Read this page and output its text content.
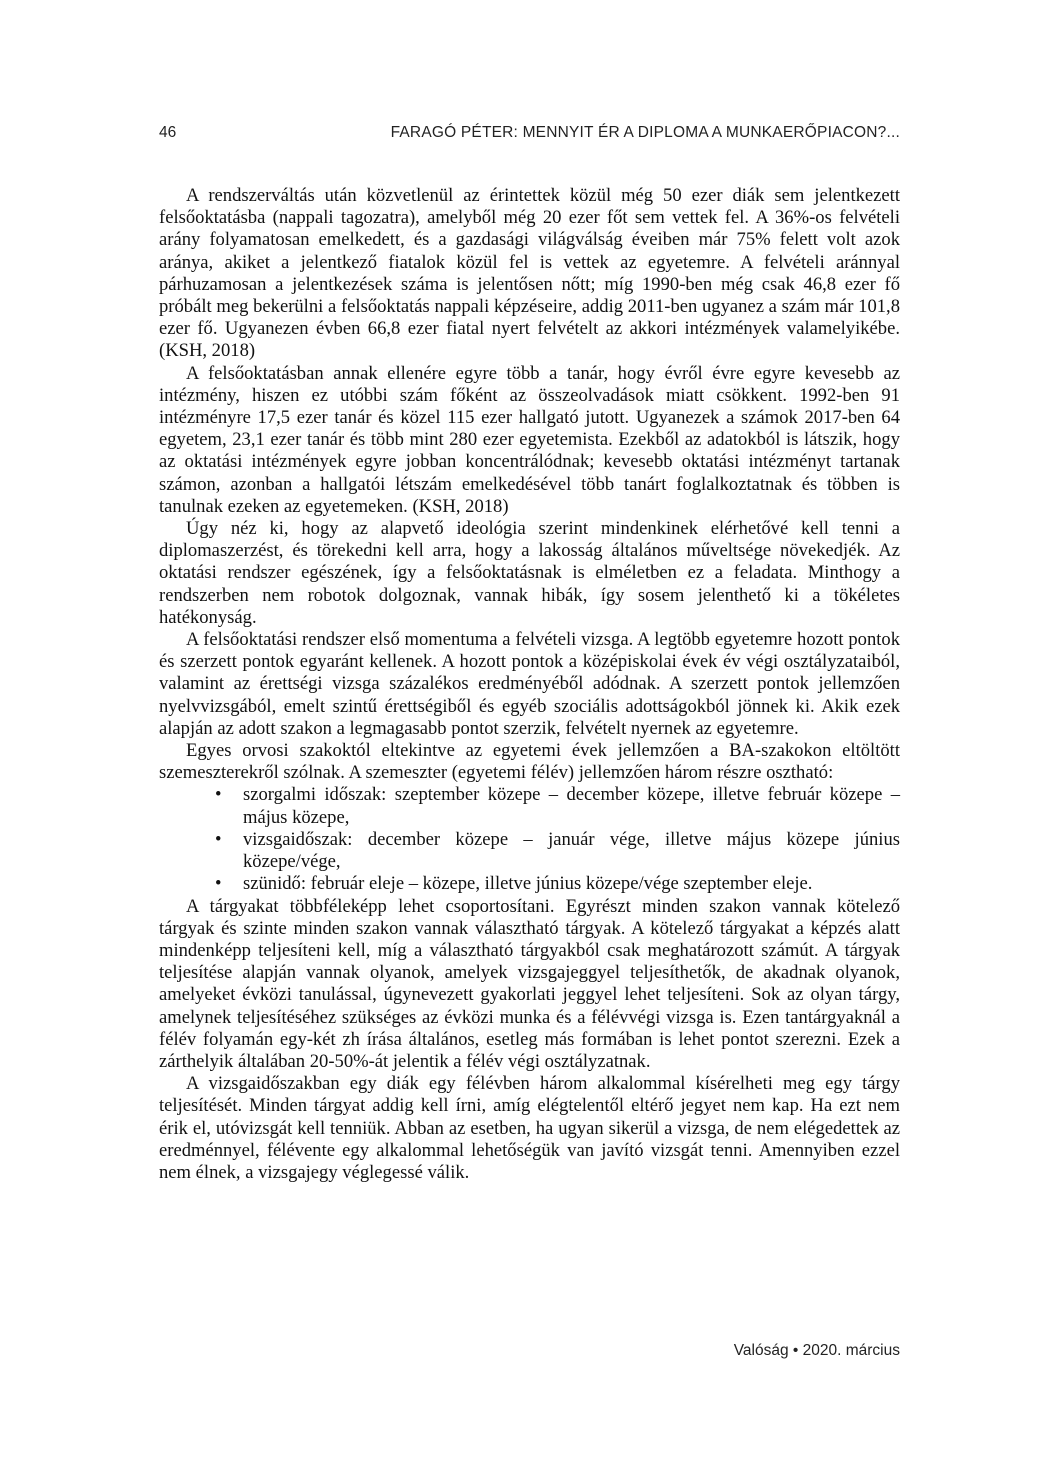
46	FARAGÓ PÉTER: MENNYIT ÉR A DIPLOMA A MUNKAERŐPIACON?...

A rendszerváltás után közvetlenül az érintettek közül még 50 ezer diák sem jelentkezett felsőoktatásba (nappali tagozatra), amelyből még 20 ezer főt sem vettek fel. A 36%-os felvételi arány folyamatosan emelkedett, és a gazdasági világválság éveiben már 75% felett volt azok aránya, akiket a jelentkező fiatalok közül fel is vettek az egyetemre. A felvételi aránnyal párhuzamosan a jelentkezések száma is jelentősen nőtt; míg 1990-ben még csak 46,8 ezer fő próbált meg bekerülni a felsőoktatás nappali képzéseire, addig 2011-ben ugyanez a szám már 101,8 ezer fő. Ugyanezen évben 66,8 ezer fiatal nyert felvételt az akkori intézmények valamelyikébe. (KSH, 2018)

A felsőoktatásban annak ellenére egyre több a tanár, hogy évről évre egyre kevesebb az intézmény, hiszen ez utóbbi szám főként az összeolvadások miatt csökkent. 1992-ben 91 intézményre 17,5 ezer tanár és közel 115 ezer hallgató jutott. Ugyanezek a számok 2017-ben 64 egyetem, 23,1 ezer tanár és több mint 280 ezer egyetemista. Ezekből az adatokból is látszik, hogy az oktatási intézmények egyre jobban koncentrálódnak; kevesebb oktatási intézményt tartanak számon, azonban a hallgatói létszám emelkedésével több tanárt foglalkoztatnak és többen is tanulnak ezeken az egyetemeken. (KSH, 2018)

Úgy néz ki, hogy az alapvető ideológia szerint mindenkinek elérhetővé kell tenni a diplomaszerzést, és törekedni kell arra, hogy a lakosság általános műveltsége növekedjék. Az oktatási rendszer egészének, így a felsőoktatásnak is elméletben ez a feladata. Minthogy a rendszerben nem robotok dolgoznak, vannak hibák, így sosem jelenthető ki a tökéletes hatékonyság.

A felsőoktatási rendszer első momentuma a felvételi vizsga. A legtöbb egyetemre hozott pontok és szerzett pontok egyaránt kellenek. A hozott pontok a középiskolai évek év végi osztályzataiból, valamint az érettségi vizsga százalékos eredményéből adódnak. A szerzett pontok jellemzően nyelvvizsgából, emelt szintű érettségiből és egyéb szociális adottságokból jönnek ki. Akik ezek alapján az adott szakon a legmagasabb pontot szerzik, felvételt nyernek az egyetemre.

Egyes orvosi szakoktól eltekintve az egyetemi évek jellemzően a BA-szakokon eltöltött szemeszterekről szólnak. A szemeszter (egyetemi félév) jellemzően három részre osztható:

• szorgalmi időszak: szeptember közepe – december közepe, illetve február közepe – május közepe,
• vizsgaidőszak: december közepe – január vége, illetve május közepe június közepe/vége,
• szünidő: február eleje – közepe, illetve június közepe/vége szeptember eleje.

A tárgyakat többféleképp lehet csoportosítani. Egyrészt minden szakon vannak kötelező tárgyak és szinte minden szakon vannak választható tárgyak. A kötelező tárgyakat a képzés alatt mindenképp teljesíteni kell, míg a választható tárgyakból csak meghatározott számút. A tárgyak teljesítése alapján vannak olyanok, amelyek vizsgajeggyel teljesíthetők, de akadnak olyanok, amelyeket évközi tanulással, úgynevezett gyakorlati jeggyel lehet teljesíteni. Sok az olyan tárgy, amelynek teljesítéséhez szükséges az évközi munka és a félévvégi vizsga is. Ezen tantárgyaknál a félév folyamán egy-két zh írása általános, esetleg más formában is lehet pontot szerezni. Ezek a zárthelyik általában 20-50%-át jelentik a félév végi osztályzatnak.

A vizsgaidőszakban egy diák egy félévben három alkalommal kísérelheti meg egy tárgy teljesítését. Minden tárgyat addig kell írni, amíg elégtelentől eltérő jegyet nem kap. Ha ezt nem érik el, utóvizsgát kell tenniük. Abban az esetben, ha ugyan sikerül a vizsga, de nem elégedettek az eredménnyel, félévente egy alkalommal lehetőségük van javító vizsgát tenni. Amennyiben ezzel nem élnek, a vizsgajegy véglegessé válik.

Valóság • 2020. március
